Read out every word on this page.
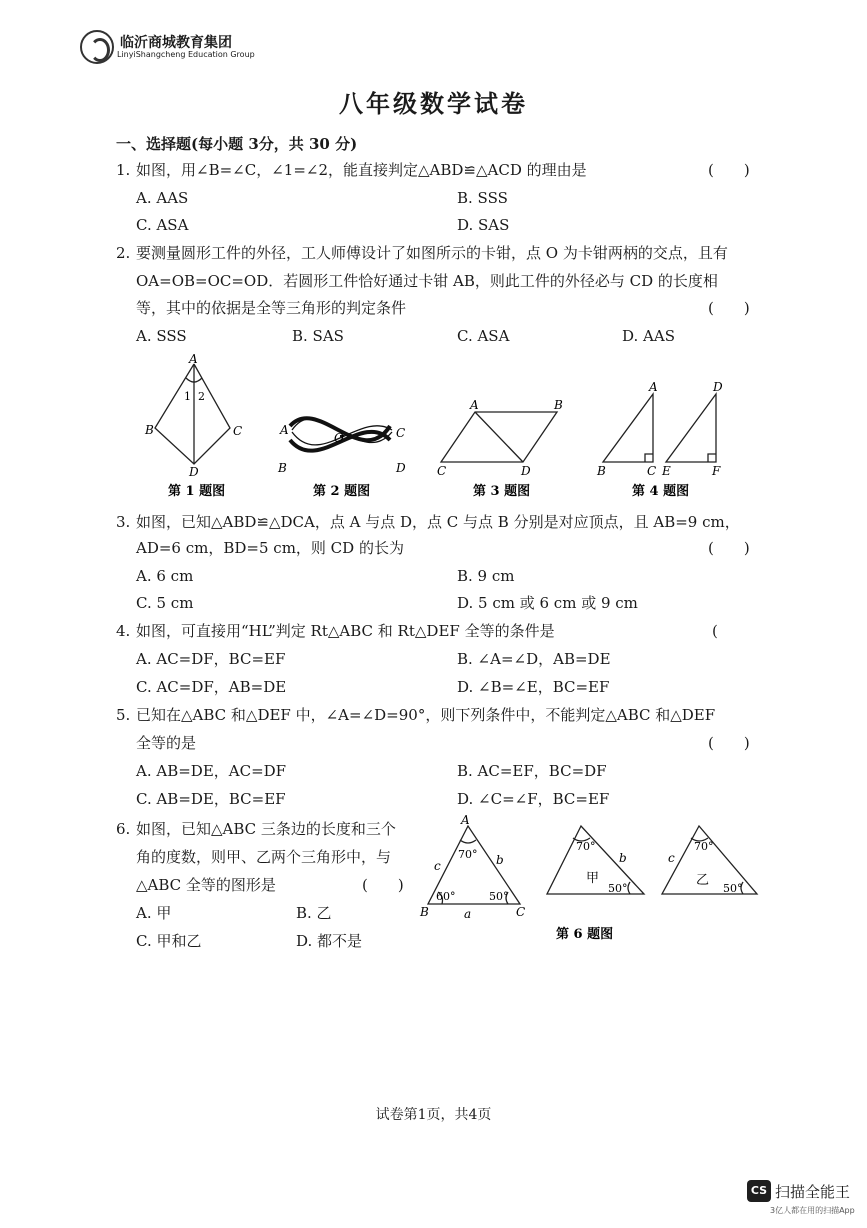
临沂商城教育集团
LinyiShangcheng Education Group
八年级数学试卷
一、选择题(每小题 3分，共 30 分)
1. 如图，用∠B=∠C，∠1=∠2，能直接判定△ABD≌△ACD 的理由是	(　　)
A. AAS	B. SSS
C. ASA	D. SAS
2. 要测量圆形工件的外径，工人师傅设计了如图所示的卡钳，点 O 为卡钳两柄的交点，且有
OA=OB=OC=OD．若圆形工件恰好通过卡钳 AB，则此工件的外径必与 CD 的长度相
等，其中的依据是全等三角形的判定条件	(　　)
A. SSS	B. SAS	C. ASA	D. AAS
A
B	C
D
1 2
第 1 题图
A
B
C
D
O
第 2 题图
A	B
C	D
第 3 题图
A
B	C
D
E	F
第 4 题图
3. 如图，已知△ABD≌△DCA，点 A 与点 D，点 C 与点 B 分别是对应顶点，且 AB=9 cm，
AD=6 cm，BD=5 cm，则 CD 的长为	(　　)
A. 6 cm	B. 9 cm
C. 5 cm	D. 5 cm 或 6 cm 或 9 cm
4. 如图，可直接用“HL”判定 Rt△ABC 和 Rt△DEF 全等的条件是	(
A. AC=DF，BC=EF	B. ∠A=∠D，AB=DE
C. AC=DF，AB=DE	D. ∠B=∠E，BC=EF
5. 已知在△ABC 和△DEF 中，∠A=∠D=90°，则下列条件中，不能判定△ABC 和△DEF
全等的是	(　　)
A. AB=DE，AC=DF	B. AC=EF，BC=DF
C. AB=DE，BC=EF	D. ∠C=∠F，BC=EF
6. 如图，已知△ABC 三条边的长度和三个
角的度数，则甲、乙两个三角形中，与
△ABC 全等的图形是	(　　)
A. 甲	B. 乙
C. 甲和乙	D. 都不是
A
B	C
c	b
a
70°
60°	50°
70°
50°
甲
b
70°
50°
乙
c
第 6 题图
试卷第1页，共4页
CS 扫描全能王
3亿人都在用的扫描App
